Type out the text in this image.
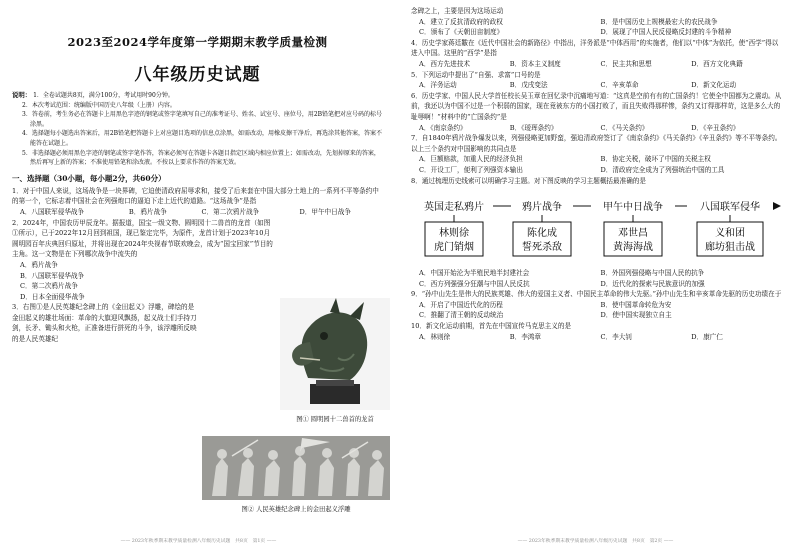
2023至2024学年度第一学期期末教学质量检测
八年级历史试题
说明： 1．全卷试题共8页，满分100分，考试用时90分钟。
2．本次考试范围：统编版中国历史八年级（上册）内容。
3．答卷前，考生务必在答题卡上用黑色字迹的钢笔或签字笔填写自己的准考证号、姓名、试室号、座位号，用2B铅笔把对应号码的标号涂黑。
4．选择题每小题选出答案后，用2B铅笔把答题卡上对应题目选项的信息点涂黑，如需改动，用橡皮擦干净后，再选涂其他答案，答案不能答在试题上。
5．非选择题必须用黑色字迹的钢笔或签字笔作答，答案必须写在答题卡各题目指定区域内相应位置上；如需改动，先划掉原来的答案，然后再写上新的答案；不准使用铅笔和涂改液。不按以上要求作答的答案无效。
一、选择题（30小题，每小题2分，共60分）
1．对于中国人来说，这场战争是一块界碑，它迫使清政府屈辱求和，接受了后来套在中国大部分土地上的一系列不平等条约中的第一个，它标志着中国社会在列强炮口的逼迫下走上近代的道路。“这场战争”是指
A．八国联军侵华战争	B．鸦片战争	C．第二次鸦片战争	D．甲午中日战争
2．2024年，中国农历甲辰龙年。据报道，国宝一级文物、圆明园十二兽首的龙首（如图①所示），已于2022年12月回到祖国，现已鉴定完毕，为原件，龙首计划于2023年10月圆明园百年庆典回归原址，并将出现在2024年央视春节联欢晚会，成为“国宝回家”节目的主角。这一文物是在下列哪次战争中流失的
A．鸦片战争
B．八国联军侵华战争
C．第二次鸦片战争
D．日本全面侵华战争
3．右图①是人民英雄纪念碑上的《金田起义》浮雕，碑绘的是金田起义的雄壮场面：革命的大旗迎风飘扬，起义战士们手持刀剑，长矛、锄头和火枪，正准备进行拼死的斗争，该浮雕所反映的是人民英雄纪
图① 圆明园十二兽首的龙首
图② 人民英雄纪念碑上的金田起义浮雕
—— 2023年秋季期末教学质量检测八年级历史试题　共8页　第1页 ——
念碑之上，主要是因为这场运动
A．建立了反抗清政府的政权	B．是中国历史上规模最宏大的农民战争
C．颁布了《天朝田亩制度》	D．展现了中国人民反侵略反封建的斗争精神
4．历史学家蒋廷黻在《近代中国社会的新路径》中指出，洋务派是“中体西用”的实施者，他们以“中体”为依托，使“西学”得以进入中国。这里的“西学”是指
A．西方先进技术	B．资本主义制度	C．民主共和思想	D．西方文化典籍
5．下列运动中提出了“自强、求富”口号的是
A．洋务运动	B．戊戌变法	C．辛亥革命	D．新文化运动
6．历史学家、中国人民大学首任校长吴玉章在回忆录中沉痛地写道：“这真是空前有有的亡国条约！它使全中国都为之震动。从前，我还以为中国不过是一个积弱的国家，现在竟被东方的小国打败了，而且失败得那样惨，条约又订得那样苛，这是多么大的耻辱啊！”材料中的“亡国条约”是
A．《南京条约》	B．《瑷珲条约》	C．《马关条约》	D．《辛丑条约》
7．自1840年鸦片战争爆发以来，列强侵略更加野蛮，强迫清政府签订了《南京条约》《马关条约》《辛丑条约》等不平等条约。以上三个条约对中国影响的共同点是
A．巨额赔款，加重人民的经济负担	B．协定关税，破坏了中国的关税主权
C．开设工厂，便利了列强资本输出	D．清政府完全成为了列强统治中国的工具
8．通过梳理历史线索可以明确学习主题。对下图反映的学习主题概括最准确的是
英国走私鸦片	鸦片战争	甲午中日战争	八国联军侵华
林则徐
虎门销烟
陈化成
誓死杀敌
邓世昌
黄海海战
义和团
廊坊狙击战
A．中国开始沦为半殖民地半封建社会	B．外国列强侵略与中国人民的抗争
C．西方列强强分狂潮与中国人民反抗	D．近代化的探索与民族意识的加强
9．“孙中山先生是伟大的民族英雄、伟大的爱国主义者、中国民主革命的伟大先驱。”孙中山先生和辛亥革命先驱的历史功绩在于
A．开启了中国近代化的历程	B．使中国革命转危为安
C．推翻了清王朝的反动统治	D．使中国实现独立自主
10．新文化运动前期，首先在中国宣传马克思主义的是
A．林则徐	B．李鸿章	C．李大钊	D．康广仁
—— 2023年秋季期末教学质量检测八年级历史试题　共8页　第2页 ——
